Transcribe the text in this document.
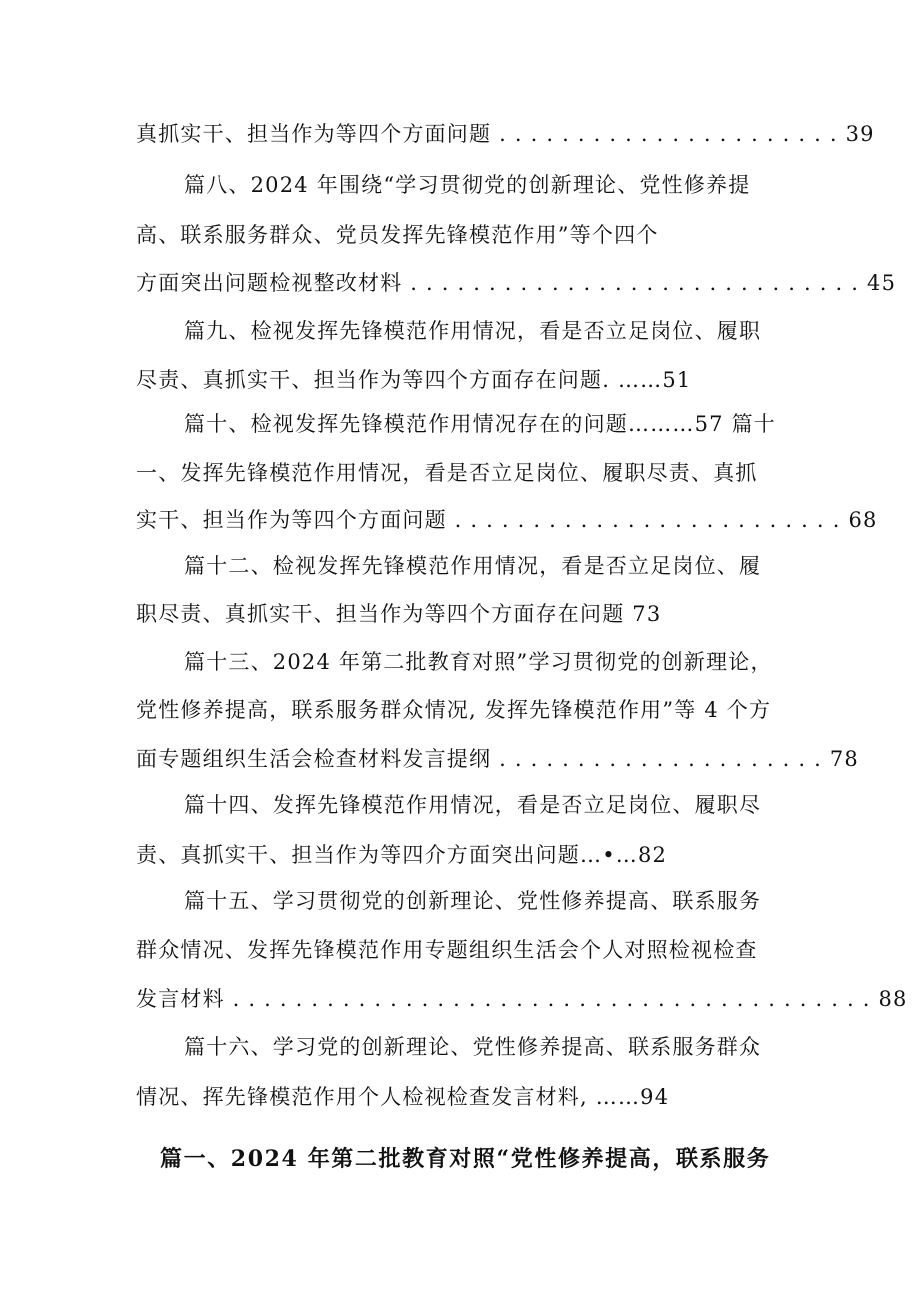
真抓实干、担当作为等四个方面问题 . . . . . . . . . . . . . . . . . . . . . . 39
篇八、2024 年围绕“学习贯彻党的创新理论、党性修养提
高、联系服务群众、党员发挥先锋模范作用”等个四个
方面突出问题检视整改材料 . . . . . . . . . . . . . . . . . . . . . . . . . . . . . 45
篇九、检视发挥先锋模范作用情况，看是否立足岗位、履职
尽责、真抓实干、担当作为等四个方面存在问题. ……51
篇十、检视发挥先锋模范作用情况存在的问题………57 篇十
一、发挥先锋模范作用情况，看是否立足岗位、履职尽责、真抓
实干、担当作为等四个方面问题 . . . . . . . . . . . . . . . . . . . . . . . . . 68
篇十二、检视发挥先锋模范作用情况，看是否立足岗位、履
职尽责、真抓实干、担当作为等四个方面存在问题 73
篇十三、2024 年第二批教育对照”学习贯彻党的创新理论，
党性修养提高，联系服务群众情况, 发挥先锋模范作用”等 4 个方
面专题组织生活会检查材料发言提纲 . . . . . . . . . . . . . . . . . . . . . 78
篇十四、发挥先锋模范作用情况，看是否立足岗位、履职尽
责、真抓实干、担当作为等四介方面突出问题…•…82
篇十五、学习贯彻党的创新理论、党性修养提高、联系服务
群众情况、发挥先锋模范作用专题组织生活会个人对照检视检查
发言材料 . . . . . . . . . . . . . . . . . . . . . . . . . . . . . . . . . . . . . . . . . 88
篇十六、学习党的创新理论、党性修养提高、联系服务群众
情况、挥先锋模范作用个人检视检查发言材料, ……94
篇一、2024 年第二批教育对照“党性修养提高，联系服务
